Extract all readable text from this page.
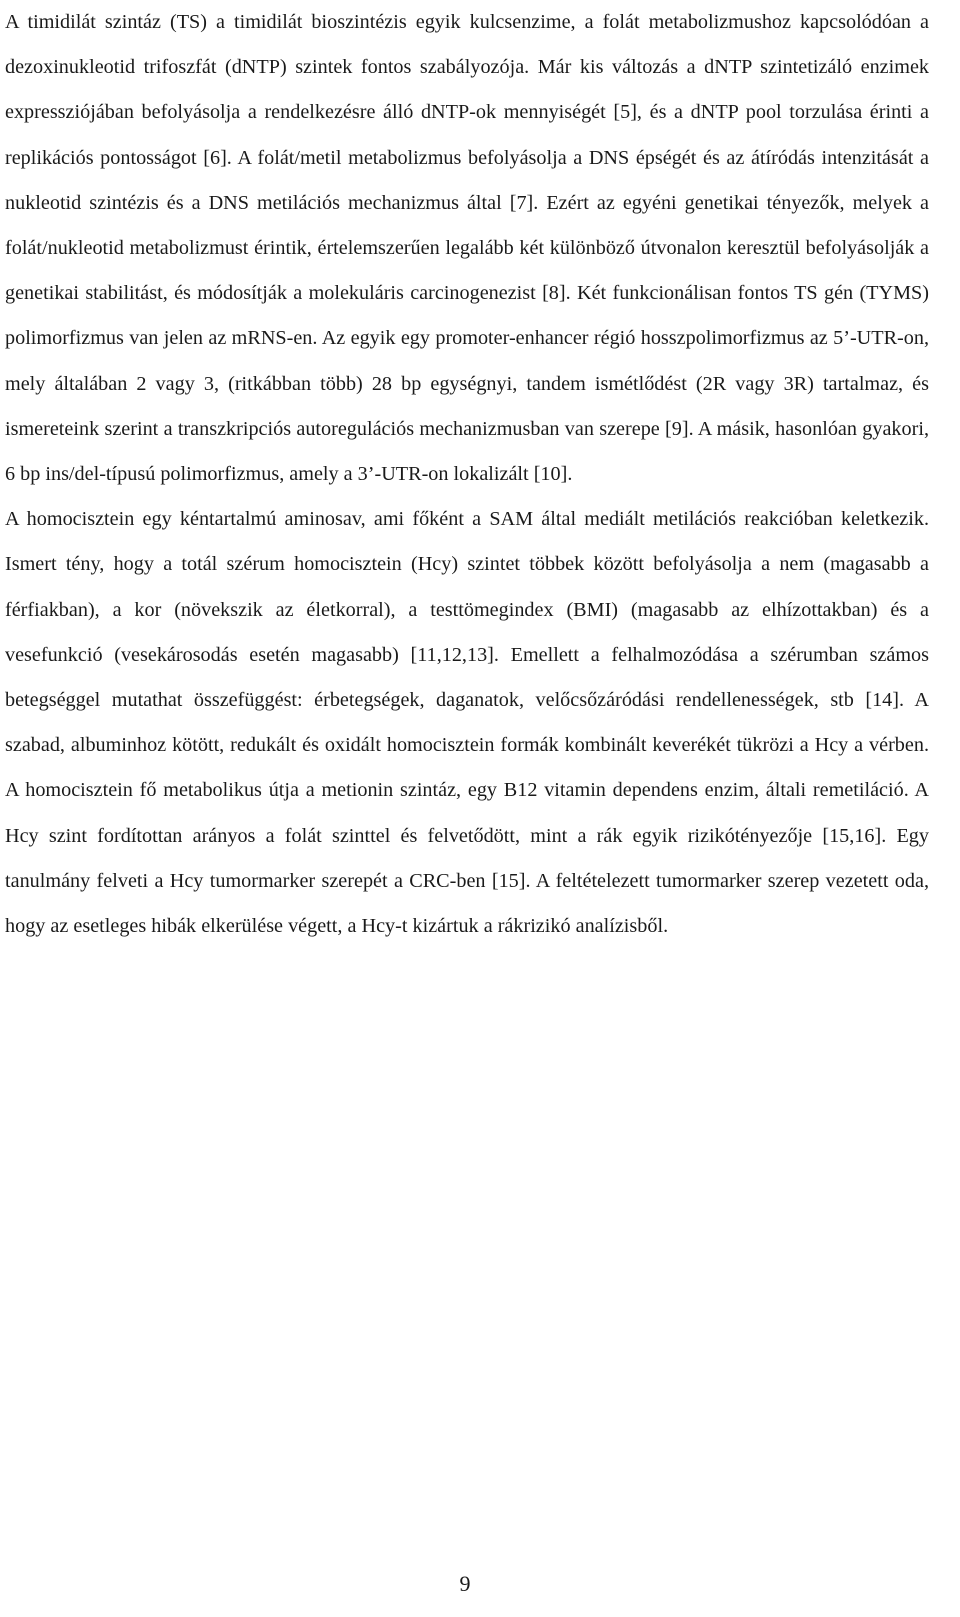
A timidilát szintáz (TS) a timidilát bioszintézis egyik kulcsenzime, a folát metabolizmushoz kapcsolódóan a dezoxinukleotid trifoszfát (dNTP) szintek fontos szabályozója. Már kis változás a dNTP szintetizáló enzimek expressziójában befolyásolja a rendelkezésre álló dNTP-ok mennyiségét [5], és a dNTP pool torzulása érinti a replikációs pontosságot [6]. A folát/metil metabolizmus befolyásolja a DNS épségét és az átíródás intenzitását a nukleotid szintézis és a DNS metilációs mechanizmus által [7]. Ezért az egyéni genetikai tényezők, melyek a folát/nukleotid metabolizmust érintik, értelemszerűen legalább két különböző útvonalon keresztül befolyásolják a genetikai stabilitást, és módosítják a molekuláris carcinogenezist [8]. Két funkcionálisan fontos TS gén (TYMS) polimorfizmus van jelen az mRNS-en. Az egyik egy promoter-enhancer régió hosszpolimorfizmus az 5’-UTR-on, mely általában 2 vagy 3, (ritkábban több) 28 bp egységnyi, tandem ismétlődést (2R vagy 3R) tartalmaz, és ismereteink szerint a transzkripciós autoregulációs mechanizmusban van szerepe [9]. A másik, hasonlóan gyakori, 6 bp ins/del-típusú polimorfizmus, amely a 3’-UTR-on lokalizált [10].

A homocisztein egy kéntartalmú aminosav, ami főként a SAM által mediált metilációs reakcióban keletkezik. Ismert tény, hogy a totál szérum homocisztein (Hcy) szintet többek között befolyásolja a nem (magasabb a férfiakban), a kor (növekszik az életkorral), a testtömegindex (BMI) (magasabb az elhízottakban) és a vesefunkció (vesekárosodás esetén magasabb) [11,12,13]. Emellett a felhalmozódása a szérumban számos betegséggel mutathat összefüggést: érbetegségek, daganatok, velőcsőzáródási rendellenességek, stb [14]. A szabad, albuminhoz kötött, redukált és oxidált homocisztein formák kombinált keverékét tükrözi a Hcy a vérben. A homocisztein fő metabolikus útja a metionin szintáz, egy B12 vitamin dependens enzim, általi remetiláció. A Hcy szint fordítottan arányos a folát szinttel és felvetődött, mint a rák egyik rizikótényezője [15,16]. Egy tanulmány felveti a Hcy tumormarker szerepét a CRC-ben [15]. A feltételezett tumormarker szerep vezetett oda, hogy az esetleges hibák elkerülése végett, a Hcy-t kizártuk a rákrizikó analízisből.

9
